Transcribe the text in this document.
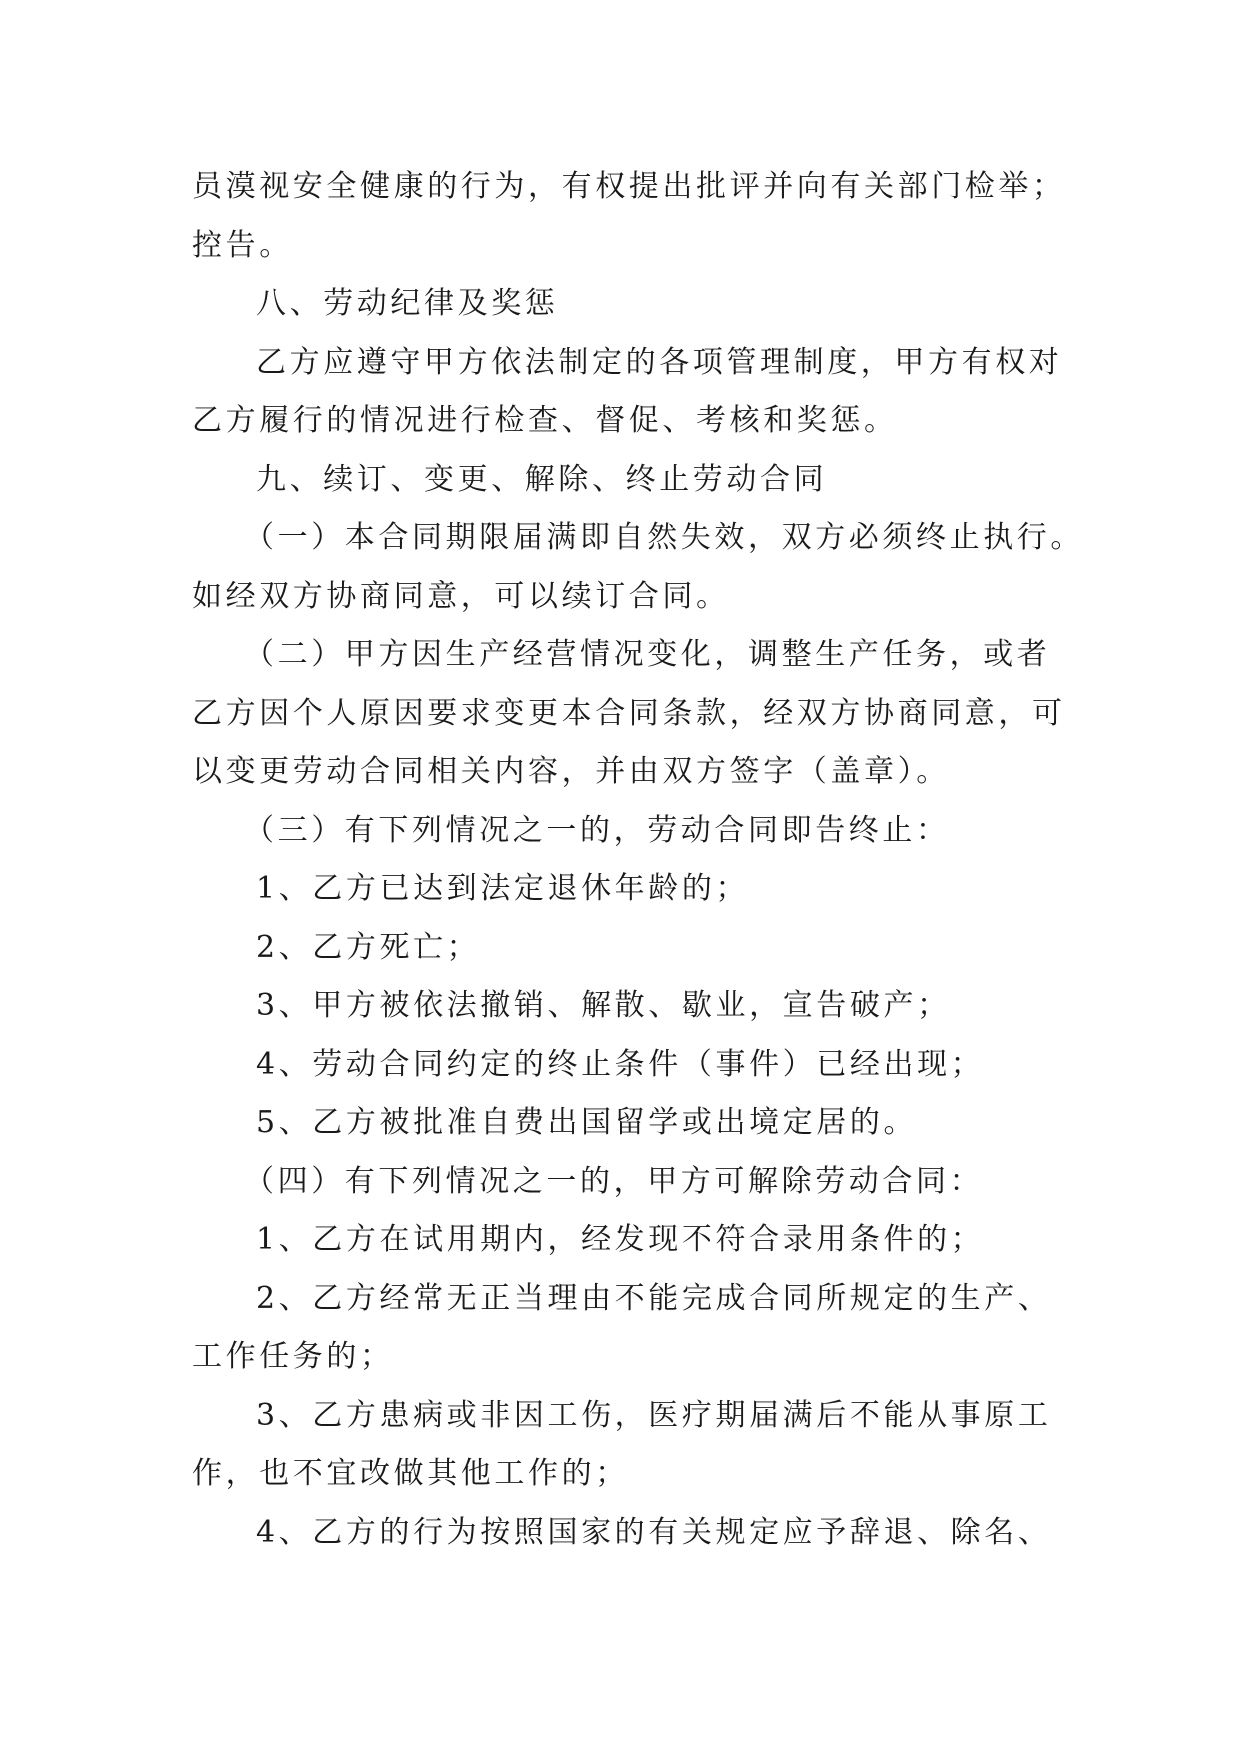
员漠视安全健康的行为，有权提出批评并向有关部门检举；

控告。

八、劳动纪律及奖惩

乙方应遵守甲方依法制定的各项管理制度，甲方有权对

乙方履行的情况进行检查、督促、考核和奖惩。

九、续订、变更、解除、终止劳动合同

（一）本合同期限届满即自然失效，双方必须终止执行。

如经双方协商同意，可以续订合同。

（二）甲方因生产经营情况变化，调整生产任务，或者

乙方因个人原因要求变更本合同条款，经双方协商同意，可

以变更劳动合同相关内容，并由双方签字（盖章）。

（三）有下列情况之一的，劳动合同即告终止：

1、乙方已达到法定退休年龄的；

2、乙方死亡；

3、甲方被依法撤销、解散、歇业，宣告破产；

4、劳动合同约定的终止条件（事件）已经出现；

5、乙方被批准自费出国留学或出境定居的。

（四）有下列情况之一的，甲方可解除劳动合同：

1、乙方在试用期内，经发现不符合录用条件的；

2、乙方经常无正当理由不能完成合同所规定的生产、

工作任务的；

3、乙方患病或非因工伤，医疗期届满后不能从事原工

作，也不宜改做其他工作的；

4、乙方的行为按照国家的有关规定应予辞退、除名、
